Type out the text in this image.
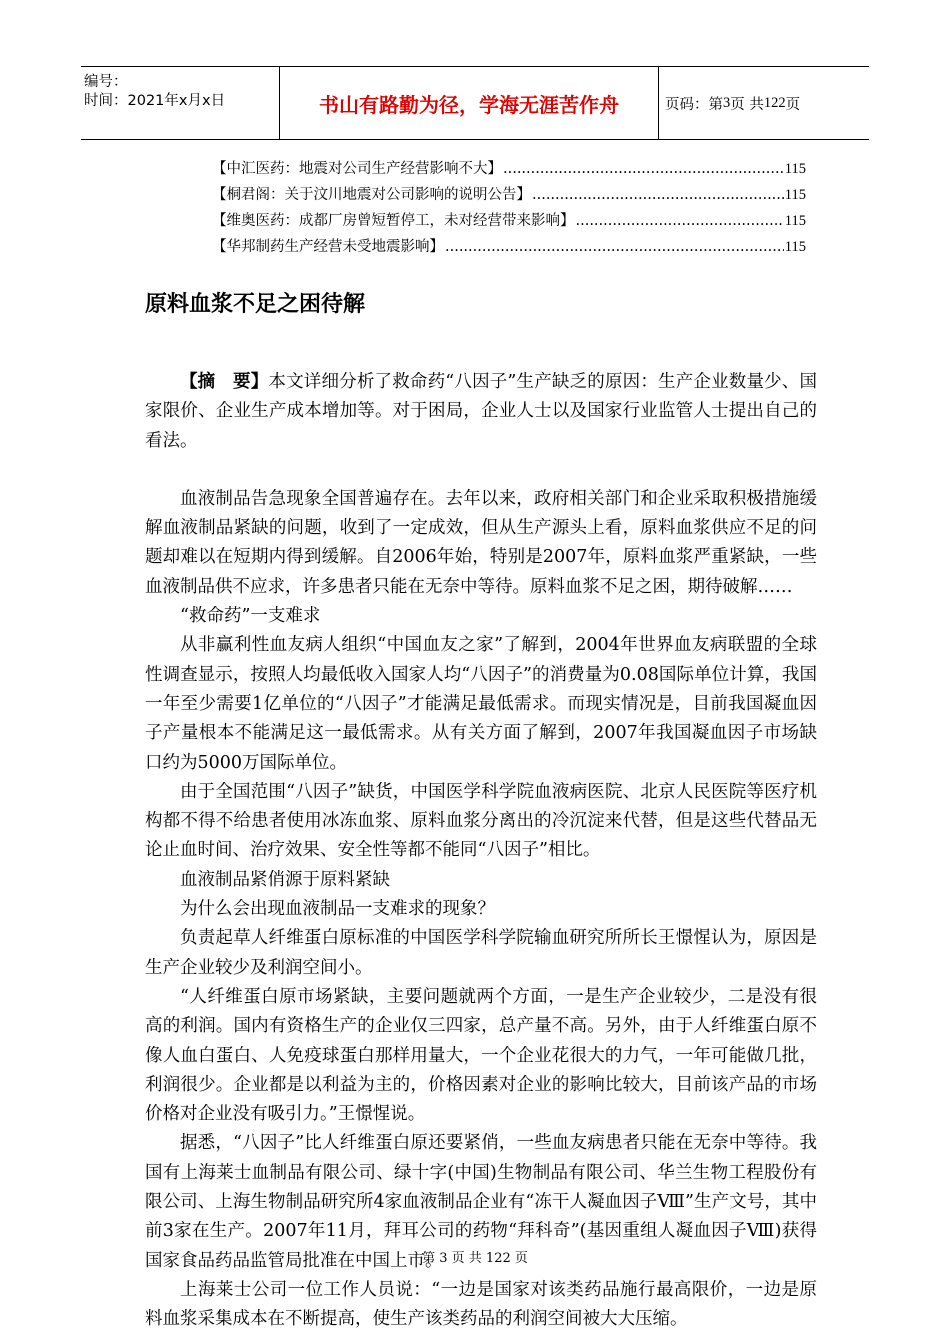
编号：
时间：2021年x月x日	书山有路勤为径，学海无涯苦作舟	页码：第 3 页 共 122 页
【中汇医药：地震对公司生产经营影响不大】 .....	115
【桐君阁：关于汶川地震对公司影响的说明公告】 .....	115
【维奥医药：成都厂房曾短暂停工，未对经营带来影响】 .....	115
【华邦制药生产经营未受地震影响】 .....	115
原料血浆不足之困待解

【摘　要】本文详细分析了救命药“八因子”生产缺乏的原因：生产企业数量少、国家限价、企业生产成本增加等。对于困局，企业人士以及国家行业监管人士提出自己的看法。

血液制品告急现象全国普遍存在。去年以来，政府相关部门和企业采取积极措施缓解血液制品紧缺的问题，收到了一定成效，但从生产源头上看，原料血浆供应不足的问题却难以在短期内得到缓解。自2006年始，特别是2007年，原料血浆严重紧缺，一些血液制品供不应求，许多患者只能在无奈中等待。原料血浆不足之困，期待破解……

“救命药”一支难求

从非赢利性血友病人组织“中国血友之家”了解到，2004年世界血友病联盟的全球性调查显示，按照人均最低收入国家人均“八因子”的消费量为0.08国际单位计算，我国一年至少需要1亿单位的“八因子”才能满足最低需求。而现实情况是，目前我国凝血因子产量根本不能满足这一最低需求。从有关方面了解到，2007年我国凝血因子市场缺口约为5000万国际单位。

由于全国范围“八因子”缺货，中国医学科学院血液病医院、北京人民医院等医疗机构都不得不给患者使用冰冻血浆、原料血浆分离出的冷沉淀来代替，但是这些代替品无论止血时间、治疗效果、安全性等都不能同“八因子”相比。

血液制品紧俏源于原料紧缺

为什么会出现血液制品一支难求的现象？

负责起草人纤维蛋白原标准的中国医学科学院输血研究所所长王憬惺认为，原因是生产企业较少及利润空间小。

“人纤维蛋白原市场紧缺，主要问题就两个方面，一是生产企业较少，二是没有很高的利润。国内有资格生产的企业仅三四家，总产量不高。另外，由于人纤维蛋白原不像人血白蛋白、人免疫球蛋白那样用量大，一个企业花很大的力气，一年可能做几批，利润很少。企业都是以利益为主的，价格因素对企业的影响比较大，目前该产品的市场价格对企业没有吸引力。”王憬惺说。

据悉，“八因子”比人纤维蛋白原还要紧俏，一些血友病患者只能在无奈中等待。我国有上海莱士血制品有限公司、绿十字(中国)生物制品有限公司、华兰生物工程股份有限公司、上海生物制品研究所4家血液制品企业有“冻干人凝血因子Ⅷ”生产文号，其中前3家在生产。2007年11月，拜耳公司的药物“拜科奇”(基因重组人凝血因子Ⅷ)获得国家食品药品监管局批准在中国上市。

上海莱士公司一位工作人员说：“一边是国家对该类药品施行最高限价，一边是原料血浆采集成本在不断提高，使生产该类药品的利润空间被大大压缩。

第 3 页 共 122 页
